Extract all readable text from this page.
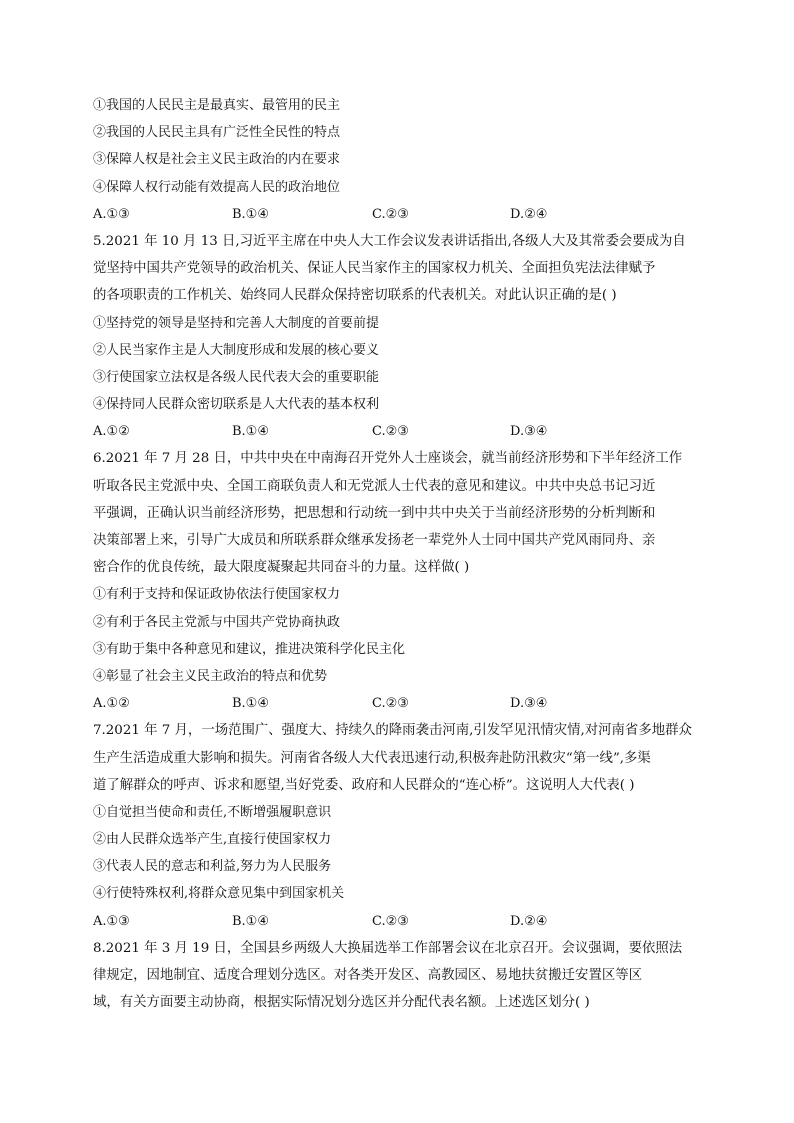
①我国的人民民主是最真实、最管用的民主
②我国的人民民主具有广泛性全民性的特点
③保障人权是社会主义民主政治的内在要求
④保障人权行动能有效提高人民的政治地位
A.①③	B.①④	C.②③	D.②④
5.2021 年 10 月 13 日,习近平主席在中央人大工作会议发表讲话指出,各级人大及其常委会要成为自
觉坚持中国共产党领导的政治机关、保证人民当家作主的国家权力机关、全面担负宪法法律赋予
的各项职责的工作机关、始终同人民群众保持密切联系的代表机关。对此认识正确的是( )
①坚持党的领导是坚持和完善人大制度的首要前提
②人民当家作主是人大制度形成和发展的核心要义
③行使国家立法权是各级人民代表大会的重要职能
④保持同人民群众密切联系是人大代表的基本权利
A.①②	B.①④	C.②③	D.③④
6.2021 年 7 月 28 日，中共中央在中南海召开党外人士座谈会，就当前经济形势和下半年经济工作
听取各民主党派中央、全国工商联负责人和无党派人士代表的意见和建议。中共中央总书记习近
平强调，正确认识当前经济形势，把思想和行动统一到中共中央关于当前经济形势的分析判断和
决策部署上来，引导广大成员和所联系群众继承发扬老一辈党外人士同中国共产党风雨同舟、亲
密合作的优良传统，最大限度凝聚起共同奋斗的力量。这样做( )
①有利于支持和保证政协依法行使国家权力
②有利于各民主党派与中国共产党协商执政
③有助于集中各种意见和建议，推进决策科学化民主化
④彰显了社会主义民主政治的特点和优势
A.①②	B.①④	C.②③	D.③④
7.2021 年 7 月，一场范围广、强度大、持续久的降雨袭击河南,引发罕见汛情灾情,对河南省多地群众
生产生活造成重大影响和损失。河南省各级人大代表迅速行动,积极奔赴防汛救灾“第一线”,多渠
道了解群众的呼声、诉求和愿望,当好党委、政府和人民群众的“连心桥”。这说明人大代表( )
①自觉担当使命和责任,不断增强履职意识
②由人民群众选举产生,直接行使国家权力
③代表人民的意志和利益,努力为人民服务
④行使特殊权利,将群众意见集中到国家机关
A.①③	B.①④	C.②③	D.②④
8.2021 年 3 月 19 日，全国县乡两级人大换届选举工作部署会议在北京召开。会议强调，要依照法
律规定，因地制宜、适度合理划分选区。对各类开发区、高教园区、易地扶贫搬迁安置区等区
域，有关方面要主动协商，根据实际情况划分选区并分配代表名额。上述选区划分( )
